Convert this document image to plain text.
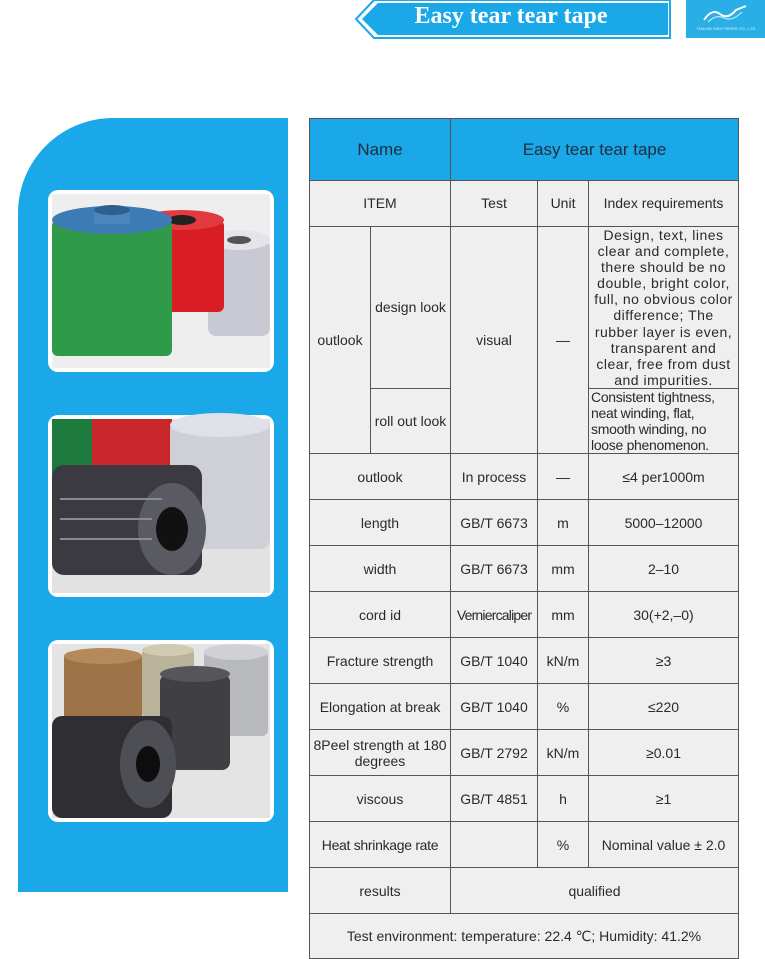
Easy tear tear tape	TIANJIN XINYI PAPER CO., LTD
Name		Easy tear tear tape		
ITEM		Test	Unit	Index requirements
outlook	design look	visual	—	Design, text, lines clear and complete, there should be no double, bright color, full, no obvious color difference; The rubber layer is even, transparent and clear, free from dust and impurities.
	roll out look			Consistent tightness, neat winding, flat, smooth winding, no loose phenomenon.
outlook		In process	—	≤4 per1000m
length		GB/T 6673	m	5000–12000
width		GB/T 6673	mm	2–10
cord id		Verniercaliper	mm	30(+2,–0)
Fracture strength		GB/T 1040	kN/m	≥3
Elongation at break		GB/T 1040	%	≤220
8Peel strength at 180 degrees		GB/T 2792	kN/m	≥0.01
viscous		GB/T 4851	h	≥1
Heat shrinkage rate			%	Nominal value ± 2.0
results		qualified		
Test environment: temperature: 22.4 ℃; Humidity: 41.2%				
